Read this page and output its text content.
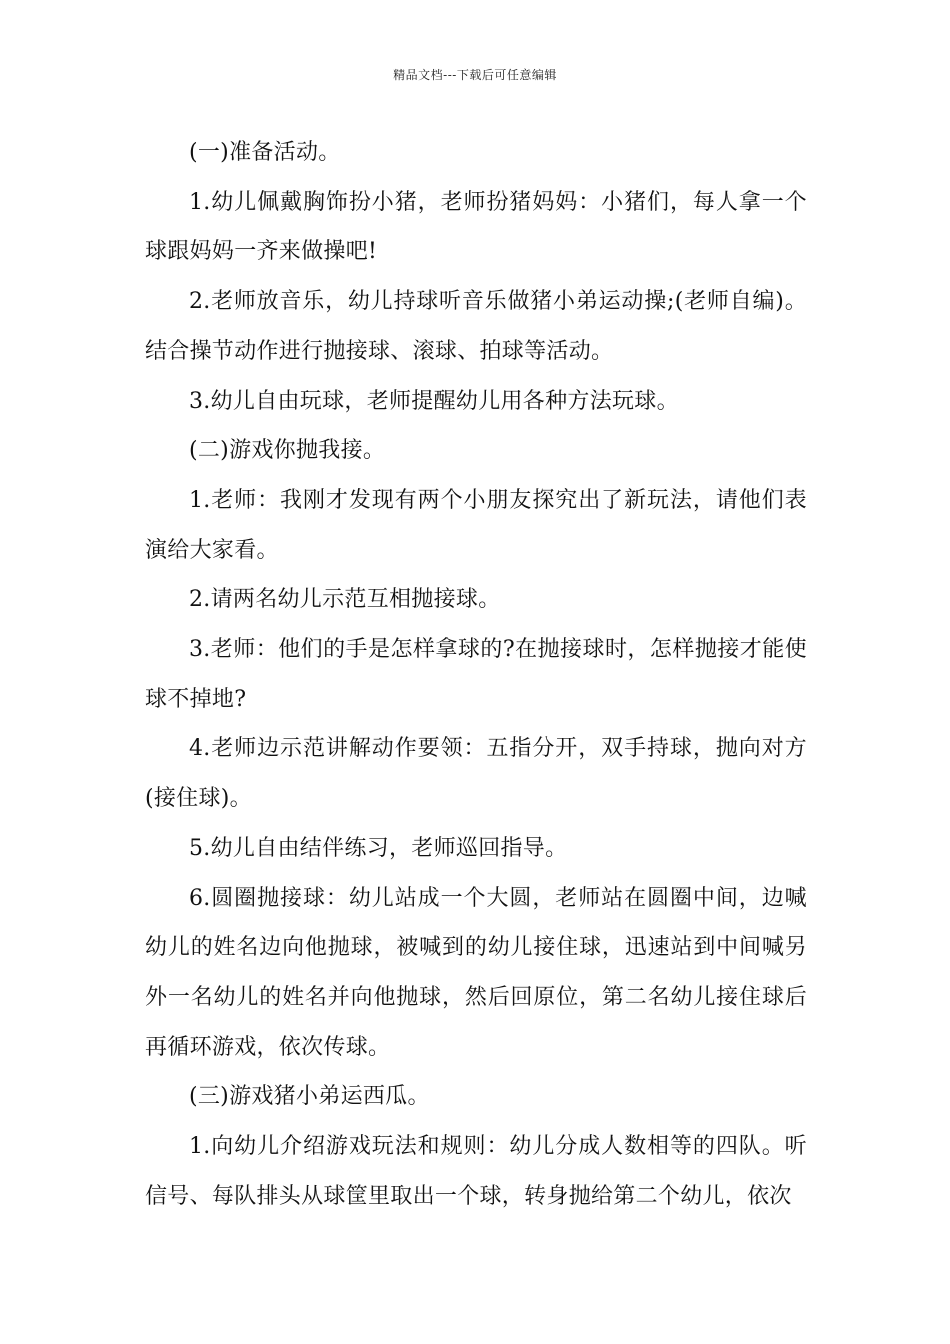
精品文档---下载后可任意编辑

(一)准备活动。

1.幼儿佩戴胸饰扮小猪，老师扮猪妈妈：小猪们，每人拿一个球跟妈妈一齐来做操吧!

2.老师放音乐，幼儿持球听音乐做猪小弟运动操;(老师自编)。结合操节动作进行抛接球、滚球、拍球等活动。

3.幼儿自由玩球，老师提醒幼儿用各种方法玩球。

(二)游戏你抛我接。

1.老师：我刚才发现有两个小朋友探究出了新玩法，请他们表演给大家看。

2.请两名幼儿示范互相抛接球。

3.老师：他们的手是怎样拿球的?在抛接球时，怎样抛接才能使球不掉地?

4.老师边示范讲解动作要领：五指分开，双手持球，抛向对方(接住球)。

5.幼儿自由结伴练习，老师巡回指导。

6.圆圈抛接球：幼儿站成一个大圆，老师站在圆圈中间，边喊幼儿的姓名边向他抛球，被喊到的幼儿接住球，迅速站到中间喊另外一名幼儿的姓名并向他抛球，然后回原位，第二名幼儿接住球后再循环游戏，依次传球。

(三)游戏猪小弟运西瓜。

1.向幼儿介绍游戏玩法和规则：幼儿分成人数相等的四队。听信号、每队排头从球筐里取出一个球，转身抛给第二个幼儿，依次
